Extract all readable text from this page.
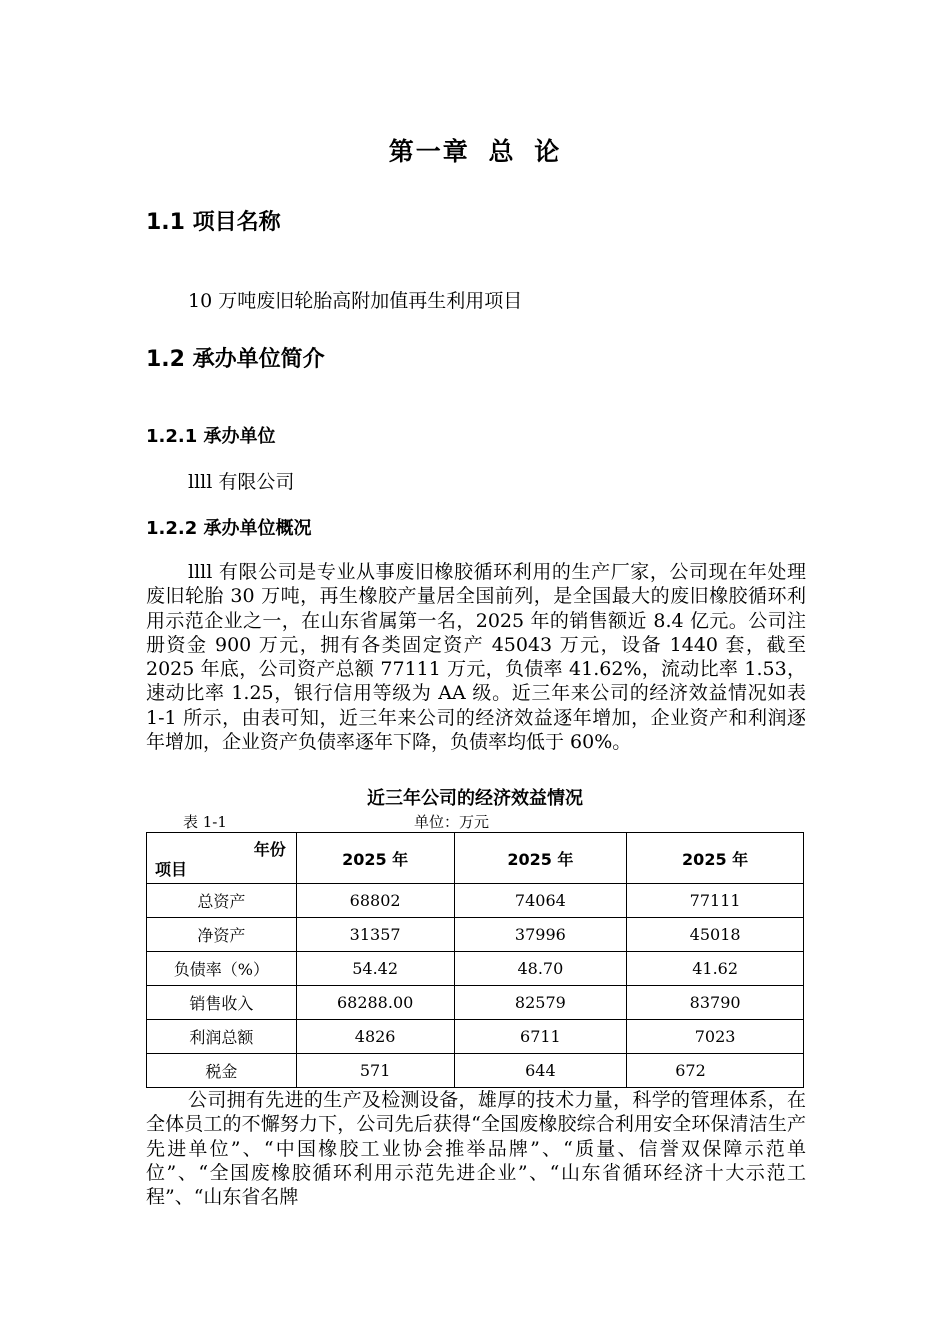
第一章 总 论
1.1 项目名称
10 万吨废旧轮胎高附加值再生利用项目
1.2 承办单位简介
1.2.1 承办单位
llll 有限公司
1.2.2 承办单位概况
llll 有限公司是专业从事废旧橡胶循环利用的生产厂家，公司现在年处理废旧轮胎 30 万吨，再生橡胶产量居全国前列，是全国最大的废旧橡胶循环利用示范企业之一，在山东省属第一名，2025 年的销售额近 8.4 亿元。公司注册资金 900 万元，拥有各类固定资产 45043 万元，设备 1440 套，截至 2025 年底，公司资产总额 77111 万元，负债率 41.62%，流动比率 1.53，速动比率 1.25，银行信用等级为 AA 级。近三年来公司的经济效益情况如表 1-1 所示，由表可知，近三年来公司的经济效益逐年增加，企业资产和利润逐年增加，企业资产负债率逐年下降，负债率均低于 60%。
近三年公司的经济效益情况
表 1-1	单位：万元
年份
项目	2025 年	2025 年	2025 年
总资产	68802	74064	77111
净资产	31357	37996	45018
负债率（%）	54.42	48.70	41.62
销售收入	68288.00	82579	83790
利润总额	4826	6711	7023
税金	571	644	672
公司拥有先进的生产及检测设备，雄厚的技术力量，科学的管理体系，在全体员工的不懈努力下，公司先后获得“全国废橡胶综合利用安全环保清洁生产先进单位”、“中国橡胶工业协会推举品牌”、“质量、信誉双保障示范单位”、“全国废橡胶循环利用示范先进企业”、“山东省循环经济十大示范工程”、“山东省名牌
